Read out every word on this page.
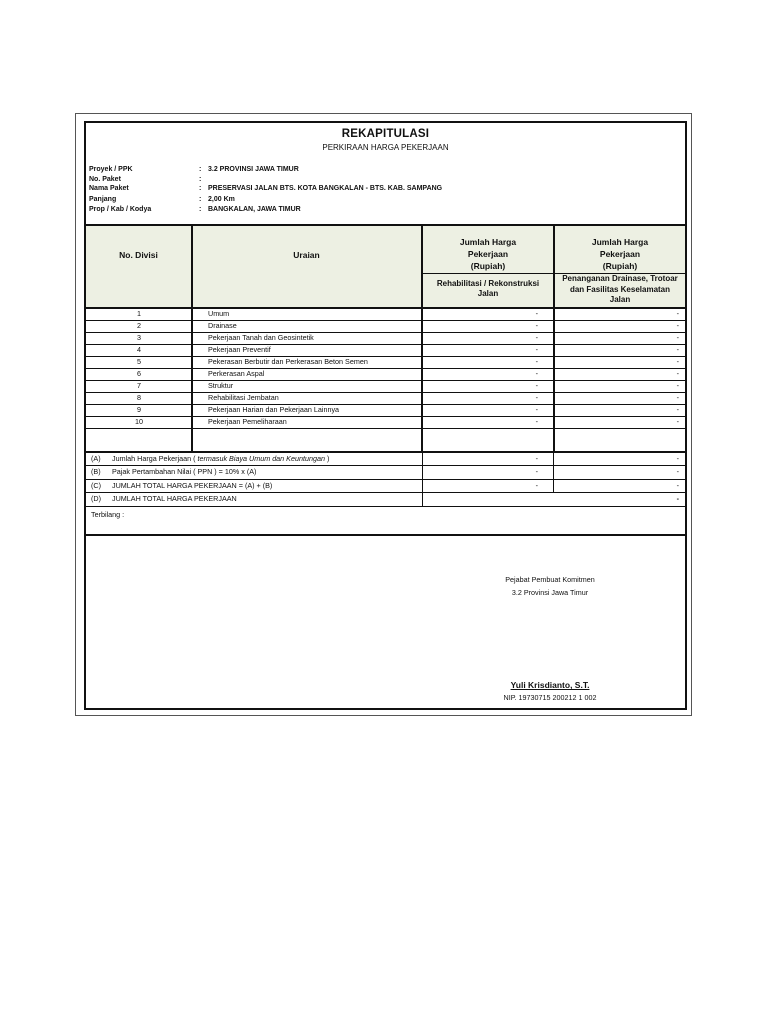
REKAPITULASI
PERKIRAAN HARGA PEKERJAAN
Proyek / PPK	: 3.2 PROVINSI JAWA TIMUR
No. Paket	:
Nama Paket	: PRESERVASI JALAN BTS. KOTA BANGKALAN - BTS. KAB. SAMPANG
Panjang	: 2,00 Km
Prop / Kab / Kodya	: BANGKALAN, JAWA TIMUR
No. Divisi	Uraian
Jumlah Harga
Pekerjaan
(Rupiah)
Rehabilitasi / Rekonstruksi
Jalan
Jumlah Harga
Pekerjaan
(Rupiah)
Penanganan Drainase, Trotoar
dan Fasilitas Keselamatan
Jalan
1	Umum	-	-
2	Drainase	-	-
3	Pekerjaan Tanah dan Geosintetik	-	-
4	Pekerjaan Preventif	-	-
5	Pekerasan Berbutir dan Perkerasan Beton Semen	-	-
6	Perkerasan Aspal	-	-
7	Struktur	-	-
8	Rehabilitasi Jembatan	-	-
9	Pekerjaan Harian dan Pekerjaan Lainnya	-	-
10	Pekerjaan Pemeliharaan	-	-
(A) Jumlah Harga Pekerjaan ( termasuk Biaya Umum dan Keuntungan )	-	-
(B) Pajak Pertambahan Nilai ( PPN ) = 10% x (A)	-	-
(C) JUMLAH TOTAL HARGA PEKERJAAN = (A) + (B)	-	-
(D) JUMLAH TOTAL HARGA PEKERJAAN	-
Terbilang :
Pejabat Pembuat Komitmen
3.2 Provinsi Jawa Timur
Yuli Krisdianto, S.T.
NIP. 19730715 200212 1 002
